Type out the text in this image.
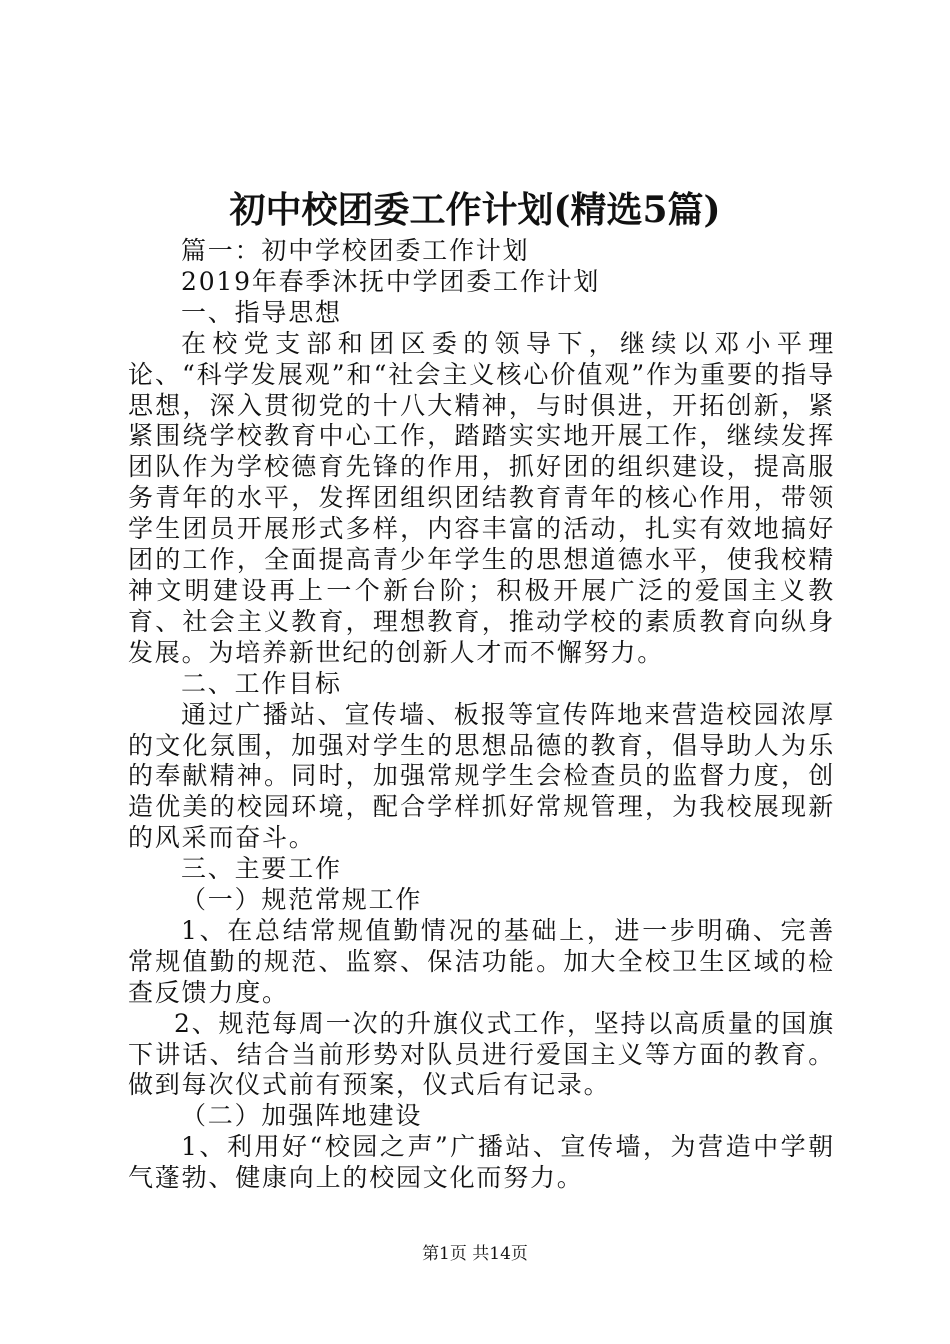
初中校团委工作计划(精选5篇)

篇一：初中学校团委工作计划

2019年春季沐抚中学团委工作计划

一、指导思想

在校党支部和团区委的领导下，继续以邓小平理论、“科学发展观”和“社会主义核心价值观”作为重要的指导思想，深入贯彻党的十八大精神，与时俱进，开拓创新，紧紧围绕学校教育中心工作，踏踏实实地开展工作，继续发挥团队作为学校德育先锋的作用，抓好团的组织建设，提高服务青年的水平，发挥团组织团结教育青年的核心作用，带领学生团员开展形式多样，内容丰富的活动，扎实有效地搞好团的工作，全面提高青少年学生的思想道德水平，使我校精神文明建设再上一个新台阶；积极开展广泛的爱国主义教育、社会主义教育，理想教育，推动学校的素质教育向纵身发展。为培养新世纪的创新人才而不懈努力。

二、工作目标

通过广播站、宣传墙、板报等宣传阵地来营造校园浓厚的文化氛围，加强对学生的思想品德的教育，倡导助人为乐的奉献精神。同时，加强常规学生会检查员的监督力度，创造优美的校园环境，配合学样抓好常规管理，为我校展现新的风采而奋斗。

三、主要工作

（一）规范常规工作

1、在总结常规值勤情况的基础上，进一步明确、完善常规值勤的规范、监察、保洁功能。加大全校卫生区域的检查反馈力度。

2、规范每周一次的升旗仪式工作，坚持以高质量的国旗下讲话、结合当前形势对队员进行爱国主义等方面的教育。做到每次仪式前有预案，仪式后有记录。

（二）加强阵地建设

1、利用好“校园之声”广播站、宣传墙，为营造中学朝气蓬勃、健康向上的校园文化而努力。

第1页 共14页
